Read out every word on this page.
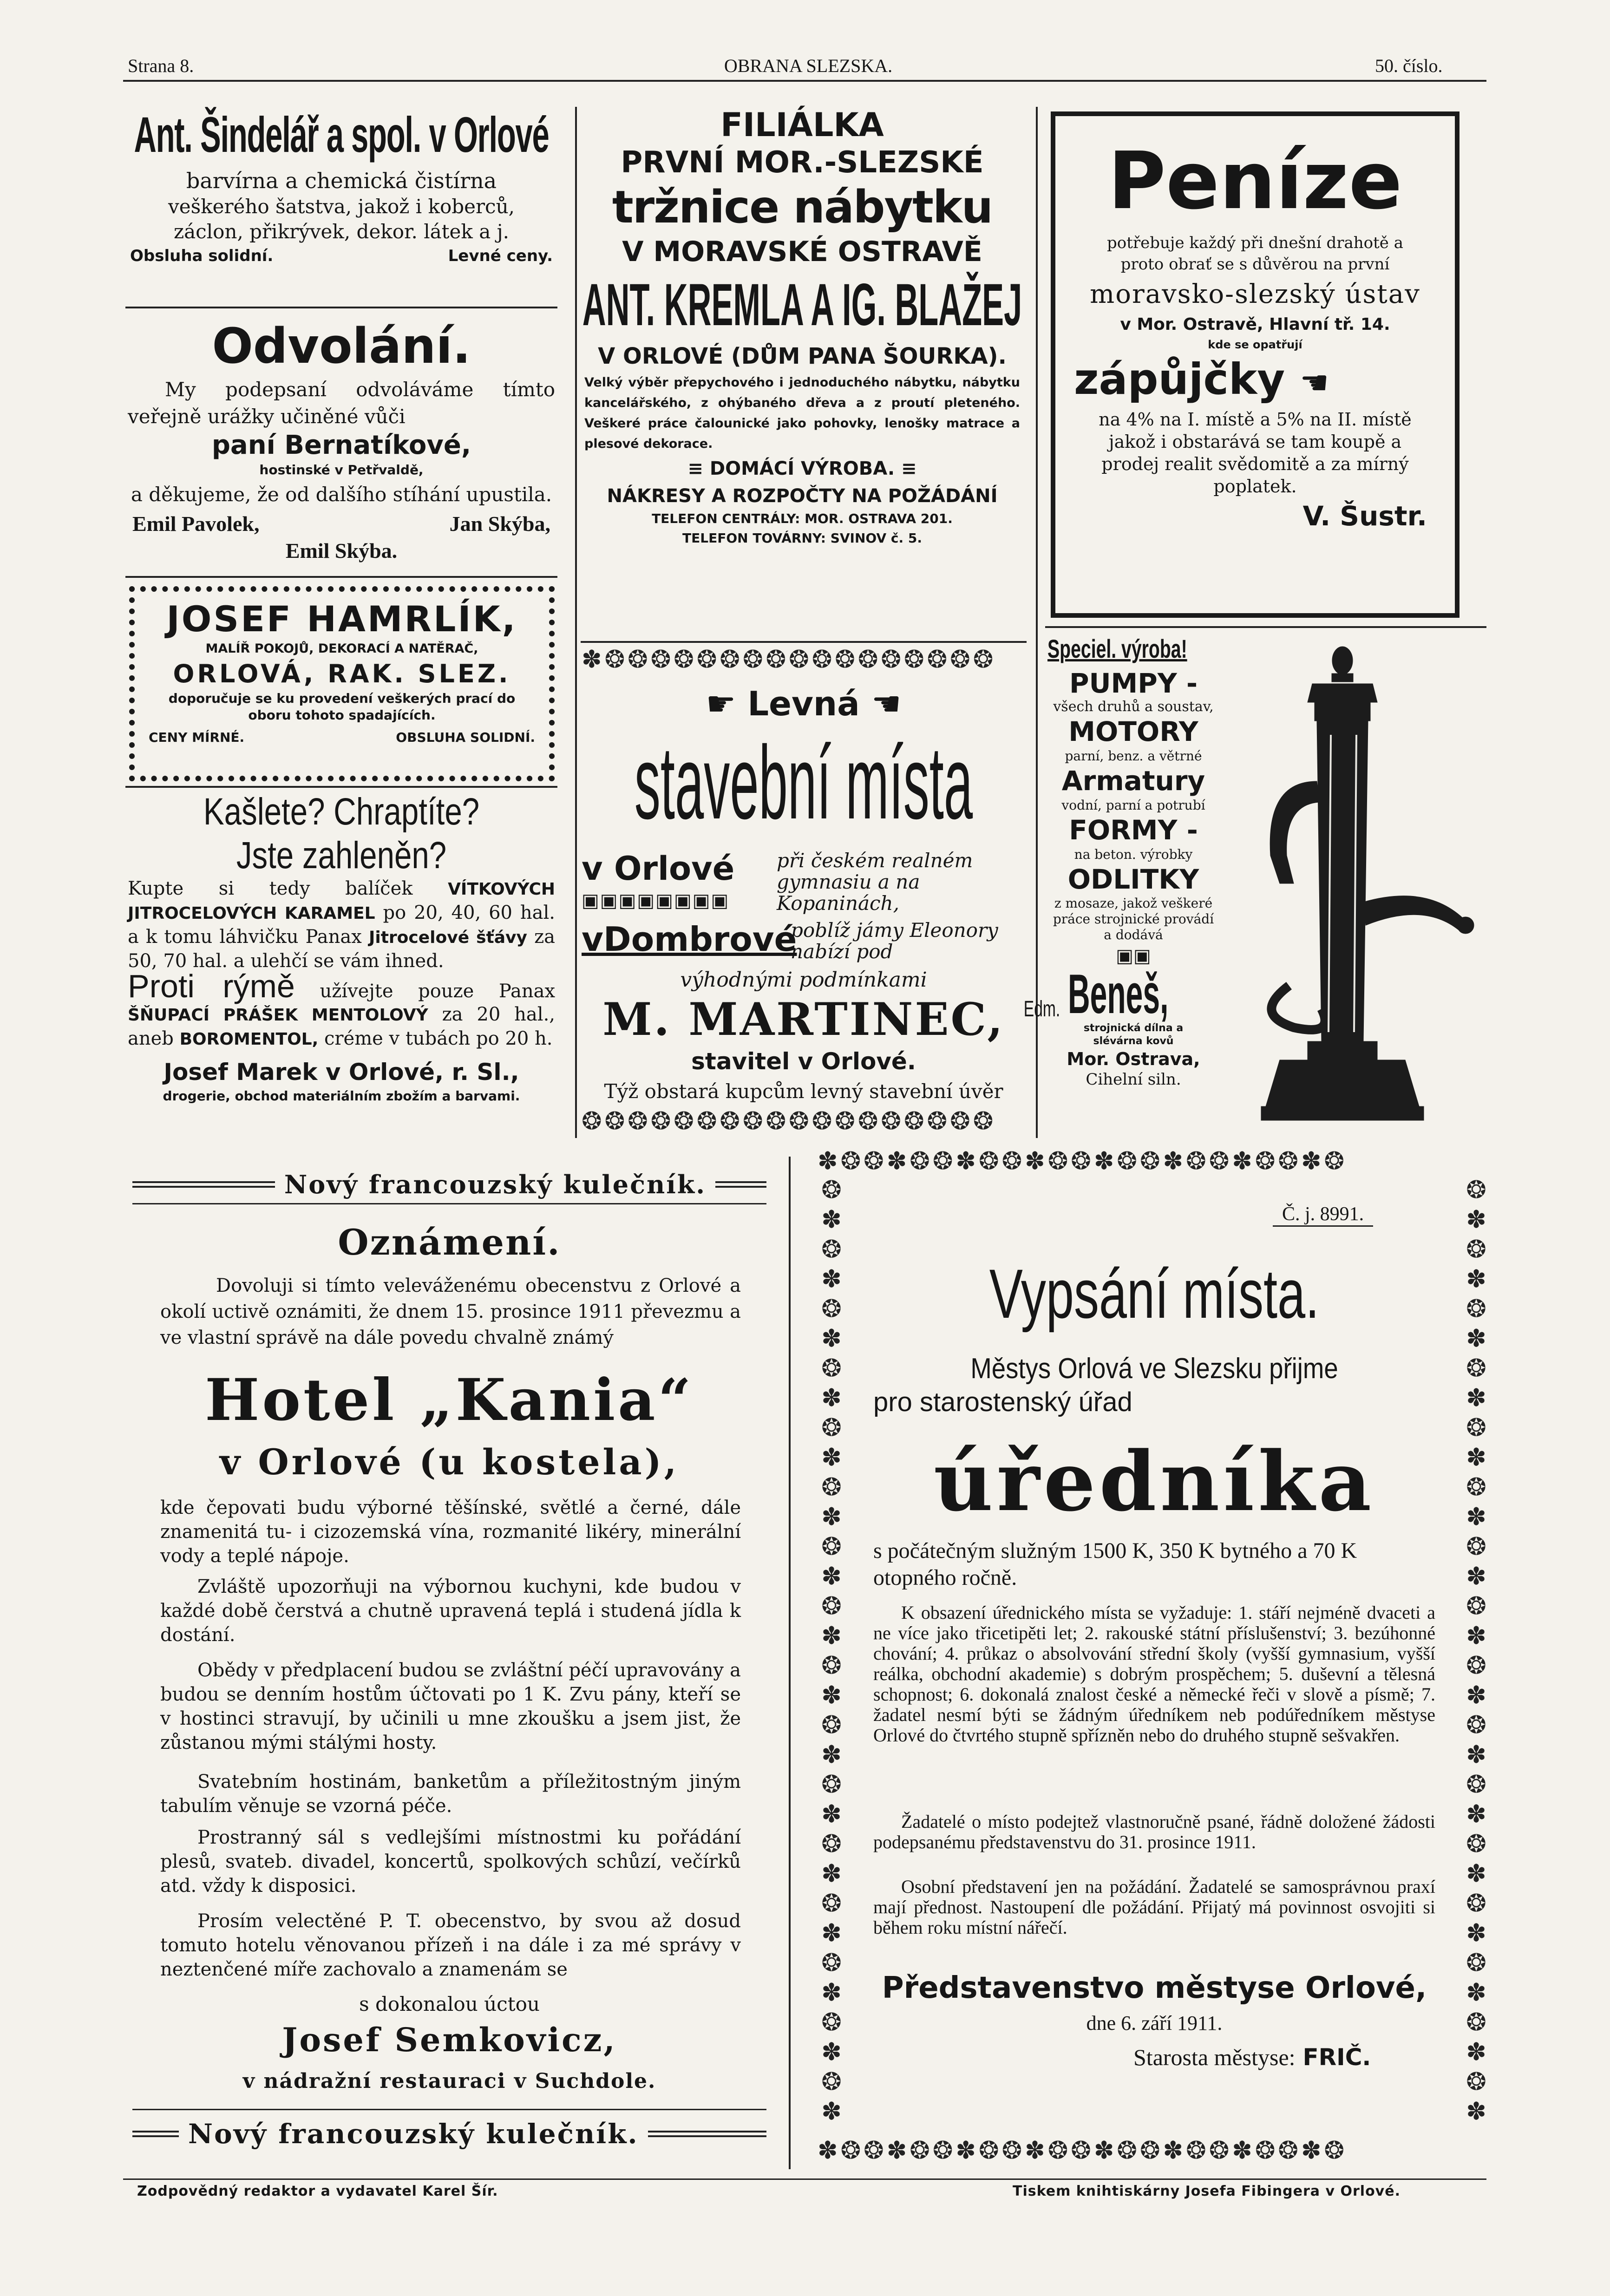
Strana 8.	OBRANA SLEZSKA.	50. číslo.
Ant. Šindelář a spol. v Orlové
barvírna a chemická čistírna
veškerého šatstva, jakož i koberců,
záclon, přikrývek, dekor. látek a j.
Obsluha solidní.	Levné ceny.
Odvolání.
My podepsaní odvoláváme tímto veřejně urážky učiněné vůči
paní Bernatíkové,
hostinské v Petřvaldě,
a děkujeme, že od dalšího stíhání upustila.
Emil Pavolek,	Jan Skýba,
Emil Skýba.
JOSEF HAMRLÍK,
MALÍŘ POKOJŮ, DEKORACÍ A NATĚRAČ,
ORLOVÁ, RAK. SLEZ.
doporučuje se ku provedení veškerých prací do oboru tohoto spadajících.
CENY MÍRNÉ.	OBSLUHA SOLIDNÍ.
Kašlete? Chraptíte?
Jste zahleněn?
Kupte si tedy balíček VÍTKOVÝCH JITROCELOVÝCH KARAMEL po 20, 40, 60 hal. a k tomu láhvičku Panax Jitrocelové šťávy za 50, 70 hal. a ulehčí se vám ihned.
Proti rýmě užívejte pouze Panax ŠŇUPACÍ PRÁŠEK MENTOLOVÝ za 20 hal., aneb BOROMENTOL, créme v tubách po 20 h.
Josef Marek v Orlové, r. Sl.,
drogerie, obchod materiálním zbožím a barvami.
FILIÁLKA
PRVNÍ MOR.-SLEZSKÉ
tržnice nábytku
V MORAVSKÉ OSTRAVĚ
ANT. KREMLA A IG. BLAŽEJ
V ORLOVÉ (DŮM PANA ŠOURKA).
Velký výběr přepychového i jednoduchého nábytku, nábytku kancelářského, z ohýbaného dřeva a z proutí pleteného. Veškeré práce čalounické jako pohovky, lenošky matrace a plesové dekorace.
≡ DOMÁCÍ VÝROBA. ≡
NÁKRESY A ROZPOČTY NA POŽÁDÁNÍ
TELEFON CENTRÁLY: MOR. OSTRAVA 201.
TELEFON TOVÁRNY: SVINOV č. 5.
✽❂❂❂❂❂❂❂❂❂❂❂❂❂❂❂❂❂
☛ Levná ☚
stavební místa
v Orlové	při českém realném gymnasiu a na Kopaninách,
▣▣▣▣▣▣▣▣
vDombrové
poblíž jámy Eleonory nabízí pod
výhodnými podmínkami
M. MARTINEC,
stavitel v Orlové.
Týž obstará kupcům levný stavební úvěr
❂❂❂❂❂❂❂❂❂❂❂❂❂❂❂❂❂❂
Peníze
potřebuje každý při dnešní drahotě a proto obrať se s důvěrou na první
moravsko-slezský ústav
v Mor. Ostravě, Hlavní tř. 14.
kde se opatřují
zápůjčky ☚
na 4% na I. místě a 5% na II. místě jakož i obstarává se tam koupě a prodej realit svědomitě a za mírný poplatek.
V. Šustr.
Speciel. výroba!
PUMPY -
všech druhů a soustav,
MOTORY
parní, benz. a větrné
Armatury
vodní, parní a potrubí
FORMY -
na beton. výrobky
ODLITKY
z mosaze, jakož veškeré práce strojnické provádí a dodává
▣▣
Edm. Beneš,
strojnická dílna a slévárna kovů
Mor. Ostrava,
Cihelní siln.
Nový francouzský kulečník.
Oznámení.
Dovoluji si tímto veleváženému obecenstvu z Orlové a okolí uctivě oznámiti, že dnem 15. prosince 1911 převezmu a ve vlastní správě na dále povedu chvalně známý
Hotel „Kania“
v Orlové (u kostela),
kde čepovati budu výborné těšínské, světlé a černé, dále znamenitá tu- i cizozemská vína, rozmanité likéry, minerální vody a teplé nápoje.
Zvláště upozorňuji na výbornou kuchyni, kde budou v každé době čerstvá a chutně upravená teplá i studená jídla k dostání.
Obědy v předplacení budou se zvláštní péčí upravovány a budou se denním hostům účtovati po 1 K. Zvu pány, kteří se v hostinci stravují, by učinili u mne zkoušku a jsem jist, že zůstanou mými stálými hosty.
Svatebním hostinám, banketům a příležitostným jiným tabulím věnuje se vzorná péče.
Prostranný sál s vedlejšími místnostmi ku pořádání plesů, svateb. divadel, koncertů, spolkových schůzí, večírků atd. vždy k disposici.
Prosím velectěné P. T. obecenstvo, by svou až dosud tomuto hotelu věnovanou přízeň i na dále i za mé správy v neztenčené míře zachovalo a znamenám se
s dokonalou úctou
Josef Semkovicz,
v nádražní restauraci v Suchdole.
Nový francouzský kulečník.
✽❂❂✽❂❂✽❂❂✽❂❂✽❂❂✽❂❂✽❂❂✽❂
✽❂❂✽❂❂✽❂❂✽❂❂✽❂❂✽❂❂✽❂❂✽❂
❂✽❂✽❂✽❂✽❂✽❂✽❂✽❂✽❂✽❂✽❂✽❂✽❂✽❂✽❂✽❂✽
❂✽❂✽❂✽❂✽❂✽❂✽❂✽❂✽❂✽❂✽❂✽❂✽❂✽❂✽❂✽❂✽
Č. j. 8991.
Vypsání místa.
Městys Orlová ve Slezsku přijme
pro starostenský úřad
úředníka
s počátečným služným 1500 K, 350 K bytného a 70 K otopného ročně.
K obsazení úřednického místa se vyžaduje: 1. stáří nejméně dvaceti a ne více jako třicetipěti let; 2. rakouské státní příslušenství; 3. bezúhonné chování; 4. průkaz o absolvování střední školy (vyšší gymnasium, vyšší reálka, obchodní akademie) s dobrým prospěchem; 5. duševní a tělesná schopnost; 6. dokonalá znalost české a německé řeči v slově a písmě; 7. žadatel nesmí býti se žádným úředníkem neb podúředníkem městyse Orlové do čtvrtého stupně spřízněn nebo do druhého stupně sešvakřen.
Žadatelé o místo podejtež vlastnoručně psané, řádně doložené žádosti podepsanému představenstvu do 31. prosince 1911.
Osobní představení jen na požádání. Žadatelé se samosprávnou praxí mají přednost. Nastoupení dle požádání. Přijatý má povinnost osvojiti si během roku místní nářečí.
Představenstvo městyse Orlové,
dne 6. září 1911.
Starosta městyse: FRIČ.
Zodpovědný redaktor a vydavatel Karel Šír.	Tiskem knihtiskárny Josefa Fibingera v Orlové.
